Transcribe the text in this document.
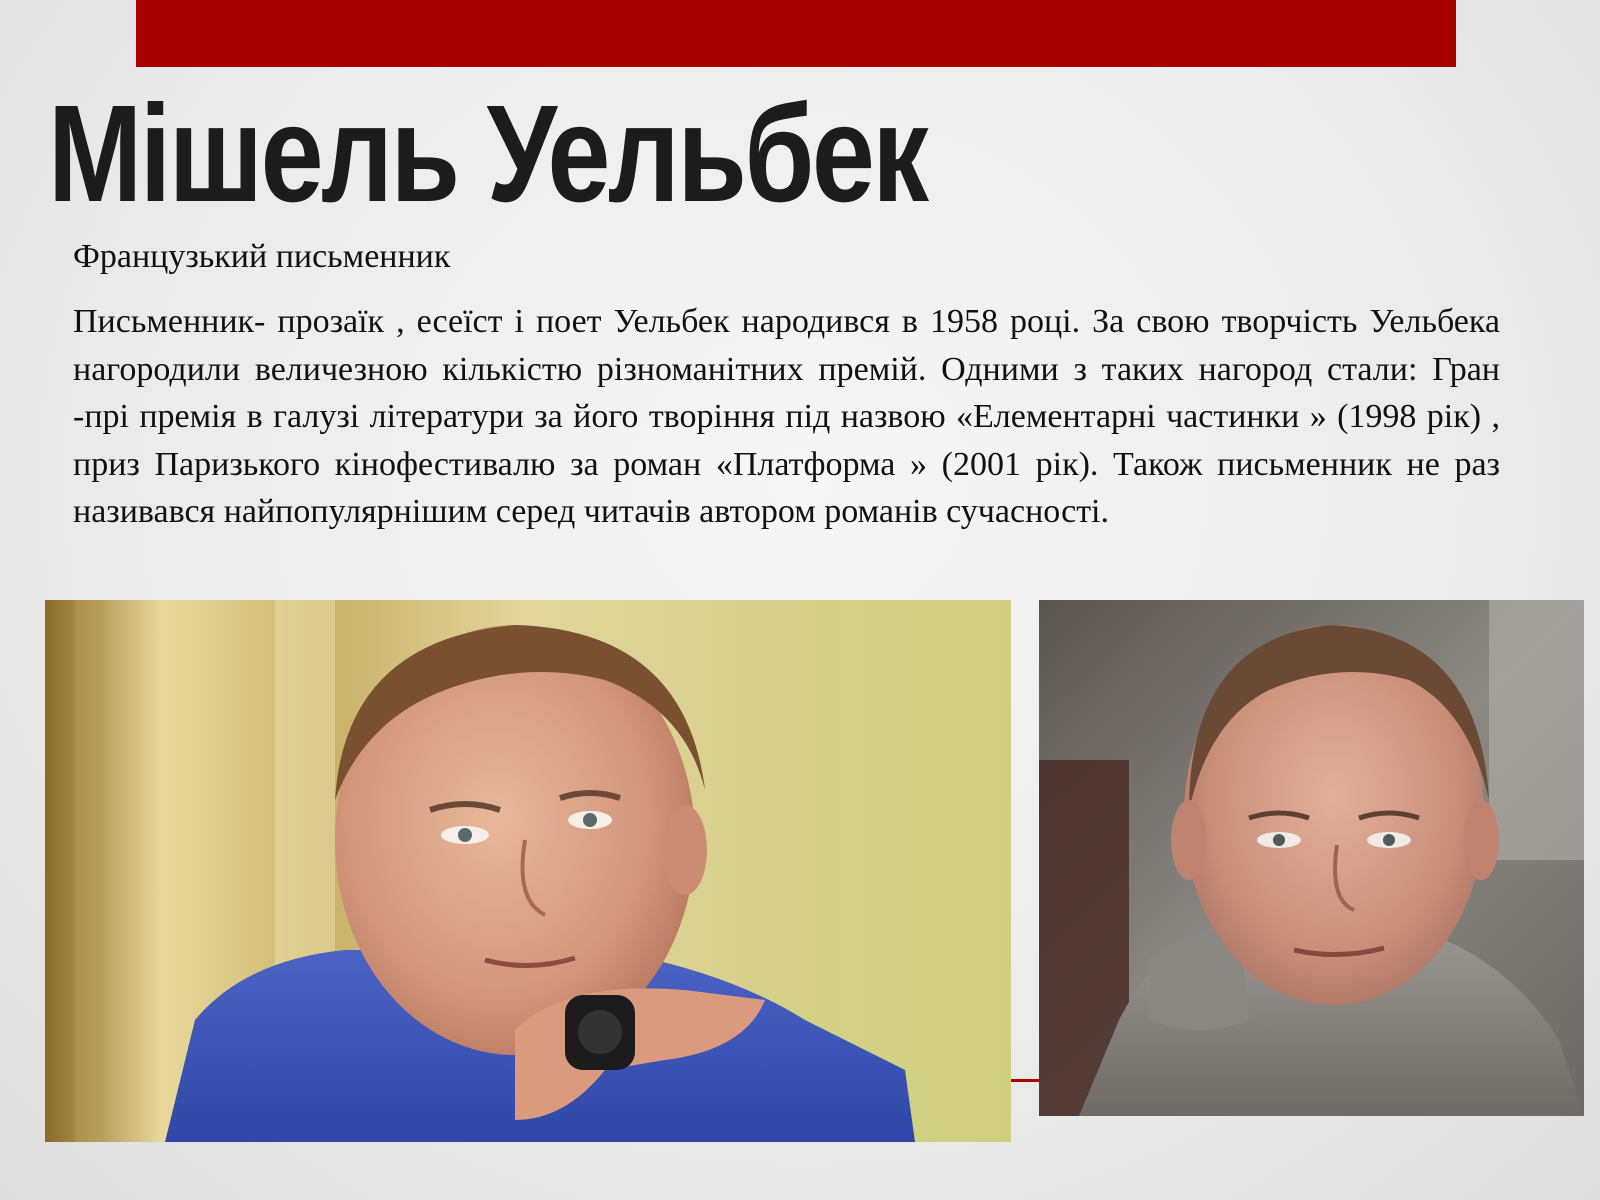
Мішель Уельбек

Французький письменник

Письменник- прозаїк , есеїст і поет Уельбек народився в 1958 році. За свою творчість Уельбека нагородили величезною кількістю різноманітних премій. Одними з таких нагород стали: Гран -прі премія в галузі літератури за його творіння під назвою «Елементарні частинки » (1998 рік) , приз Паризького кінофестивалю за роман «Платформа » (2001 рік). Також письменник не раз називався найпопулярнішим серед читачів автором романів сучасності.
